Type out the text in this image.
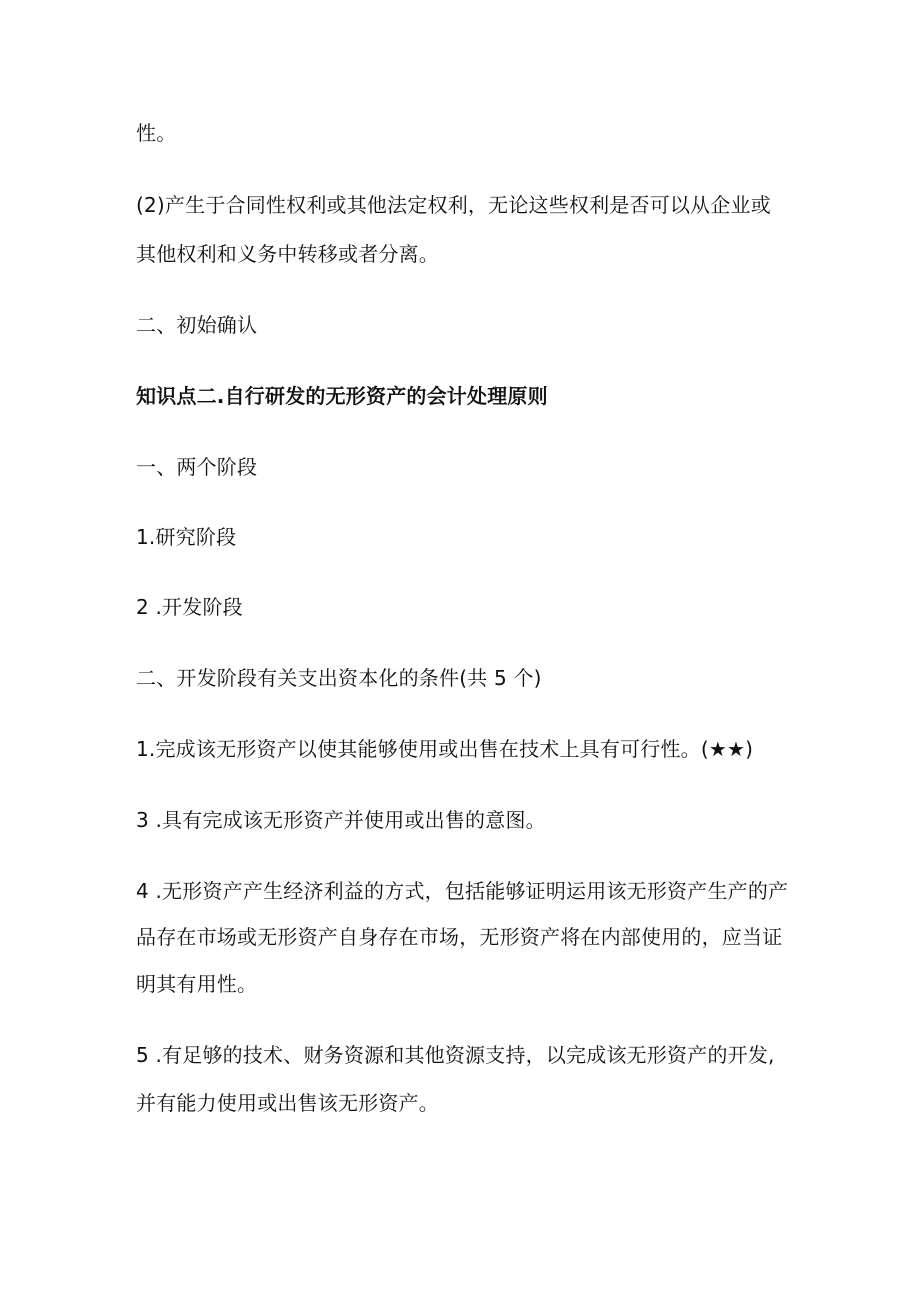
性。
(2)产生于合同性权利或其他法定权利，无论这些权利是否可以从企业或
其他权利和义务中转移或者分离。
二、初始确认
知识点二.自行研发的无形资产的会计处理原则
一、两个阶段
1.研究阶段
2 .开发阶段
二、开发阶段有关支出资本化的条件(共 5 个)
1.完成该无形资产以使其能够使用或出售在技术上具有可行性。(★★)
3 .具有完成该无形资产并使用或出售的意图。
4 .无形资产产生经济利益的方式，包括能够证明运用该无形资产生产的产
品存在市场或无形资产自身存在市场，无形资产将在内部使用的，应当证
明其有用性。
5 .有足够的技术、财务资源和其他资源支持，以完成该无形资产的开发,
并有能力使用或出售该无形资产。
